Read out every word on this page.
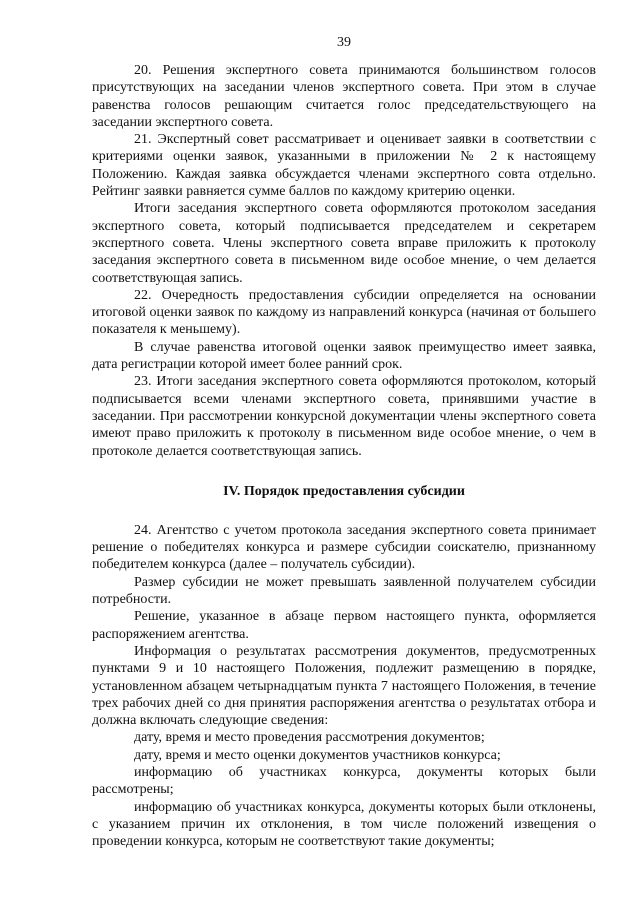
39

20. Решения экспертного совета принимаются большинством голосов присутствующих на заседании членов экспертного совета. При этом в случае равенства голосов решающим считается голос председательствующего на заседании экспертного совета.

21. Экспертный совет рассматривает и оценивает заявки в соответствии с критериями оценки заявок, указанными в приложении № 2 к настоящему Положению. Каждая заявка обсуждается членами экспертного совта отдельно. Рейтинг заявки равняется сумме баллов по каждому критерию оценки.

Итоги заседания экспертного совета оформляются протоколом заседания экспертного совета, который подписывается председателем и секретарем экспертного совета. Члены экспертного совета вправе приложить к протоколу заседания экспертного совета в письменном виде особое мнение, о чем делается соответствующая запись.

22. Очередность предоставления субсидии определяется на основании итоговой оценки заявок по каждому из направлений конкурса (начиная от большего показателя к меньшему).

В случае равенства итоговой оценки заявок преимущество имеет заявка, дата регистрации которой имеет более ранний срок.

23. Итоги заседания экспертного совета оформляются протоколом, который подписывается всеми членами экспертного совета, принявшими участие в заседании. При рассмотрении конкурсной документации члены экспертного совета имеют право приложить к протоколу в письменном виде особое мнение, о чем в протоколе делается соответствующая запись.

IV. Порядок предоставления субсидии

24. Агентство с учетом протокола заседания экспертного совета принимает решение о победителях конкурса и размере субсидии соискателю, признанному победителем конкурса (далее – получатель субсидии).

Размер субсидии не может превышать заявленной получателем субсидии потребности.

Решение, указанное в абзаце первом настоящего пункта, оформляется распоряжением агентства.

Информация о результатах рассмотрения документов, предусмотренных пунктами 9 и 10 настоящего Положения, подлежит размещению в порядке, установленном абзацем четырнадцатым пункта 7 настоящего Положения, в течение трех рабочих дней со дня принятия распоряжения агентства о результатах отбора и должна включать следующие сведения:

дату, время и место проведения рассмотрения документов;

дату, время и место оценки документов участников конкурса;

информацию об участниках конкурса, документы которых были рассмотрены;

информацию об участниках конкурса, документы которых были отклонены, с указанием причин их отклонения, в том числе положений извещения о проведении конкурса, которым не соответствуют такие документы;
